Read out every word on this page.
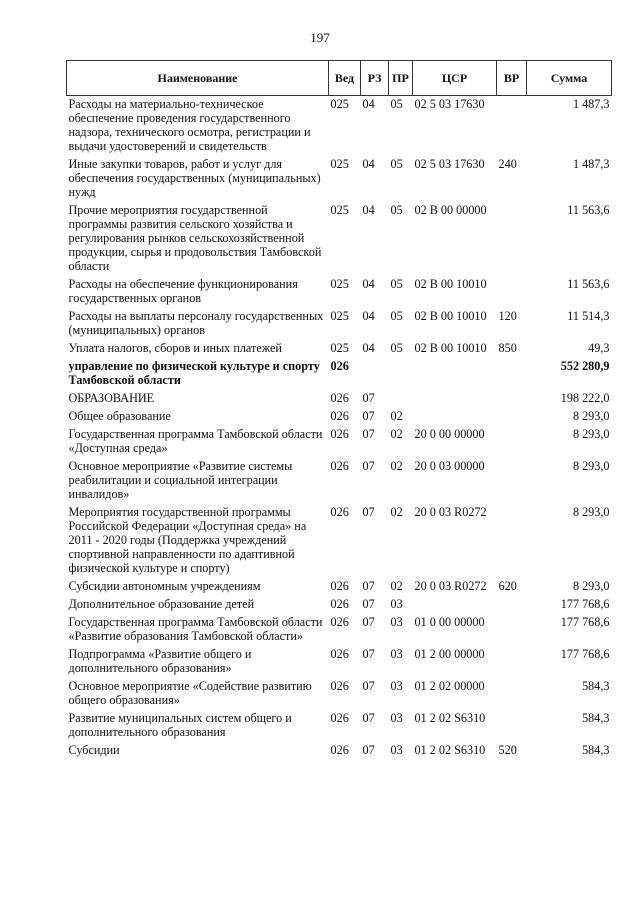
197
Наименование	Вед	РЗ	ПР	ЦСР	ВР	Сумма
Расходы на материально-техническое обеспечение проведения государственного надзора, технического осмотра, регистрации и выдачи удостоверений и свидетельств	025	04	05	02 5 03 17630		1 487,3
Иные закупки товаров, работ и услуг для обеспечения государственных (муниципальных) нужд	025	04	05	02 5 03 17630	240	1 487,3
Прочие мероприятия государственной программы развития сельского хозяйства и регулирования рынков сельскохозяйственной продукции, сырья и продовольствия Тамбовской области	025	04	05	02 В 00 00000		11 563,6
Расходы на обеспечение функционирования государственных органов	025	04	05	02 В 00 10010		11 563,6
Расходы на выплаты персоналу государственных (муниципальных) органов	025	04	05	02 В 00 10010	120	11 514,3
Уплата налогов, сборов и иных платежей	025	04	05	02 В 00 10010	850	49,3
управление по физической культуре и спорту Тамбовской области	026					552 280,9
ОБРАЗОВАНИЕ	026	07				198 222,0
Общее образование	026	07	02			8 293,0
Государственная программа Тамбовской области «Доступная среда»	026	07	02	20 0 00 00000		8 293,0
Основное мероприятие «Развитие системы реабилитации и социальной интеграции инвалидов»	026	07	02	20 0 03 00000		8 293,0
Мероприятия государственной программы Российской Федерации «Доступная среда» на 2011 - 2020 годы (Поддержка учреждений спортивной направленности по адаптивной физической культуре и спорту)	026	07	02	20 0 03 R0272		8 293,0
Субсидии автономным учреждениям	026	07	02	20 0 03 R0272	620	8 293,0
Дополнительное образование детей	026	07	03			177 768,6
Государственная программа Тамбовской области «Развитие образования Тамбовской области»	026	07	03	01 0 00 00000		177 768,6
Подпрограмма «Развитие общего и дополнительного образования»	026	07	03	01 2 00 00000		177 768,6
Основное мероприятие «Содействие развитию общего образования»	026	07	03	01 2 02 00000		584,3
Развитие муниципальных систем общего и дополнительного образования	026	07	03	01 2 02 S6310		584,3
Субсидии	026	07	03	01 2 02 S6310	520	584,3
